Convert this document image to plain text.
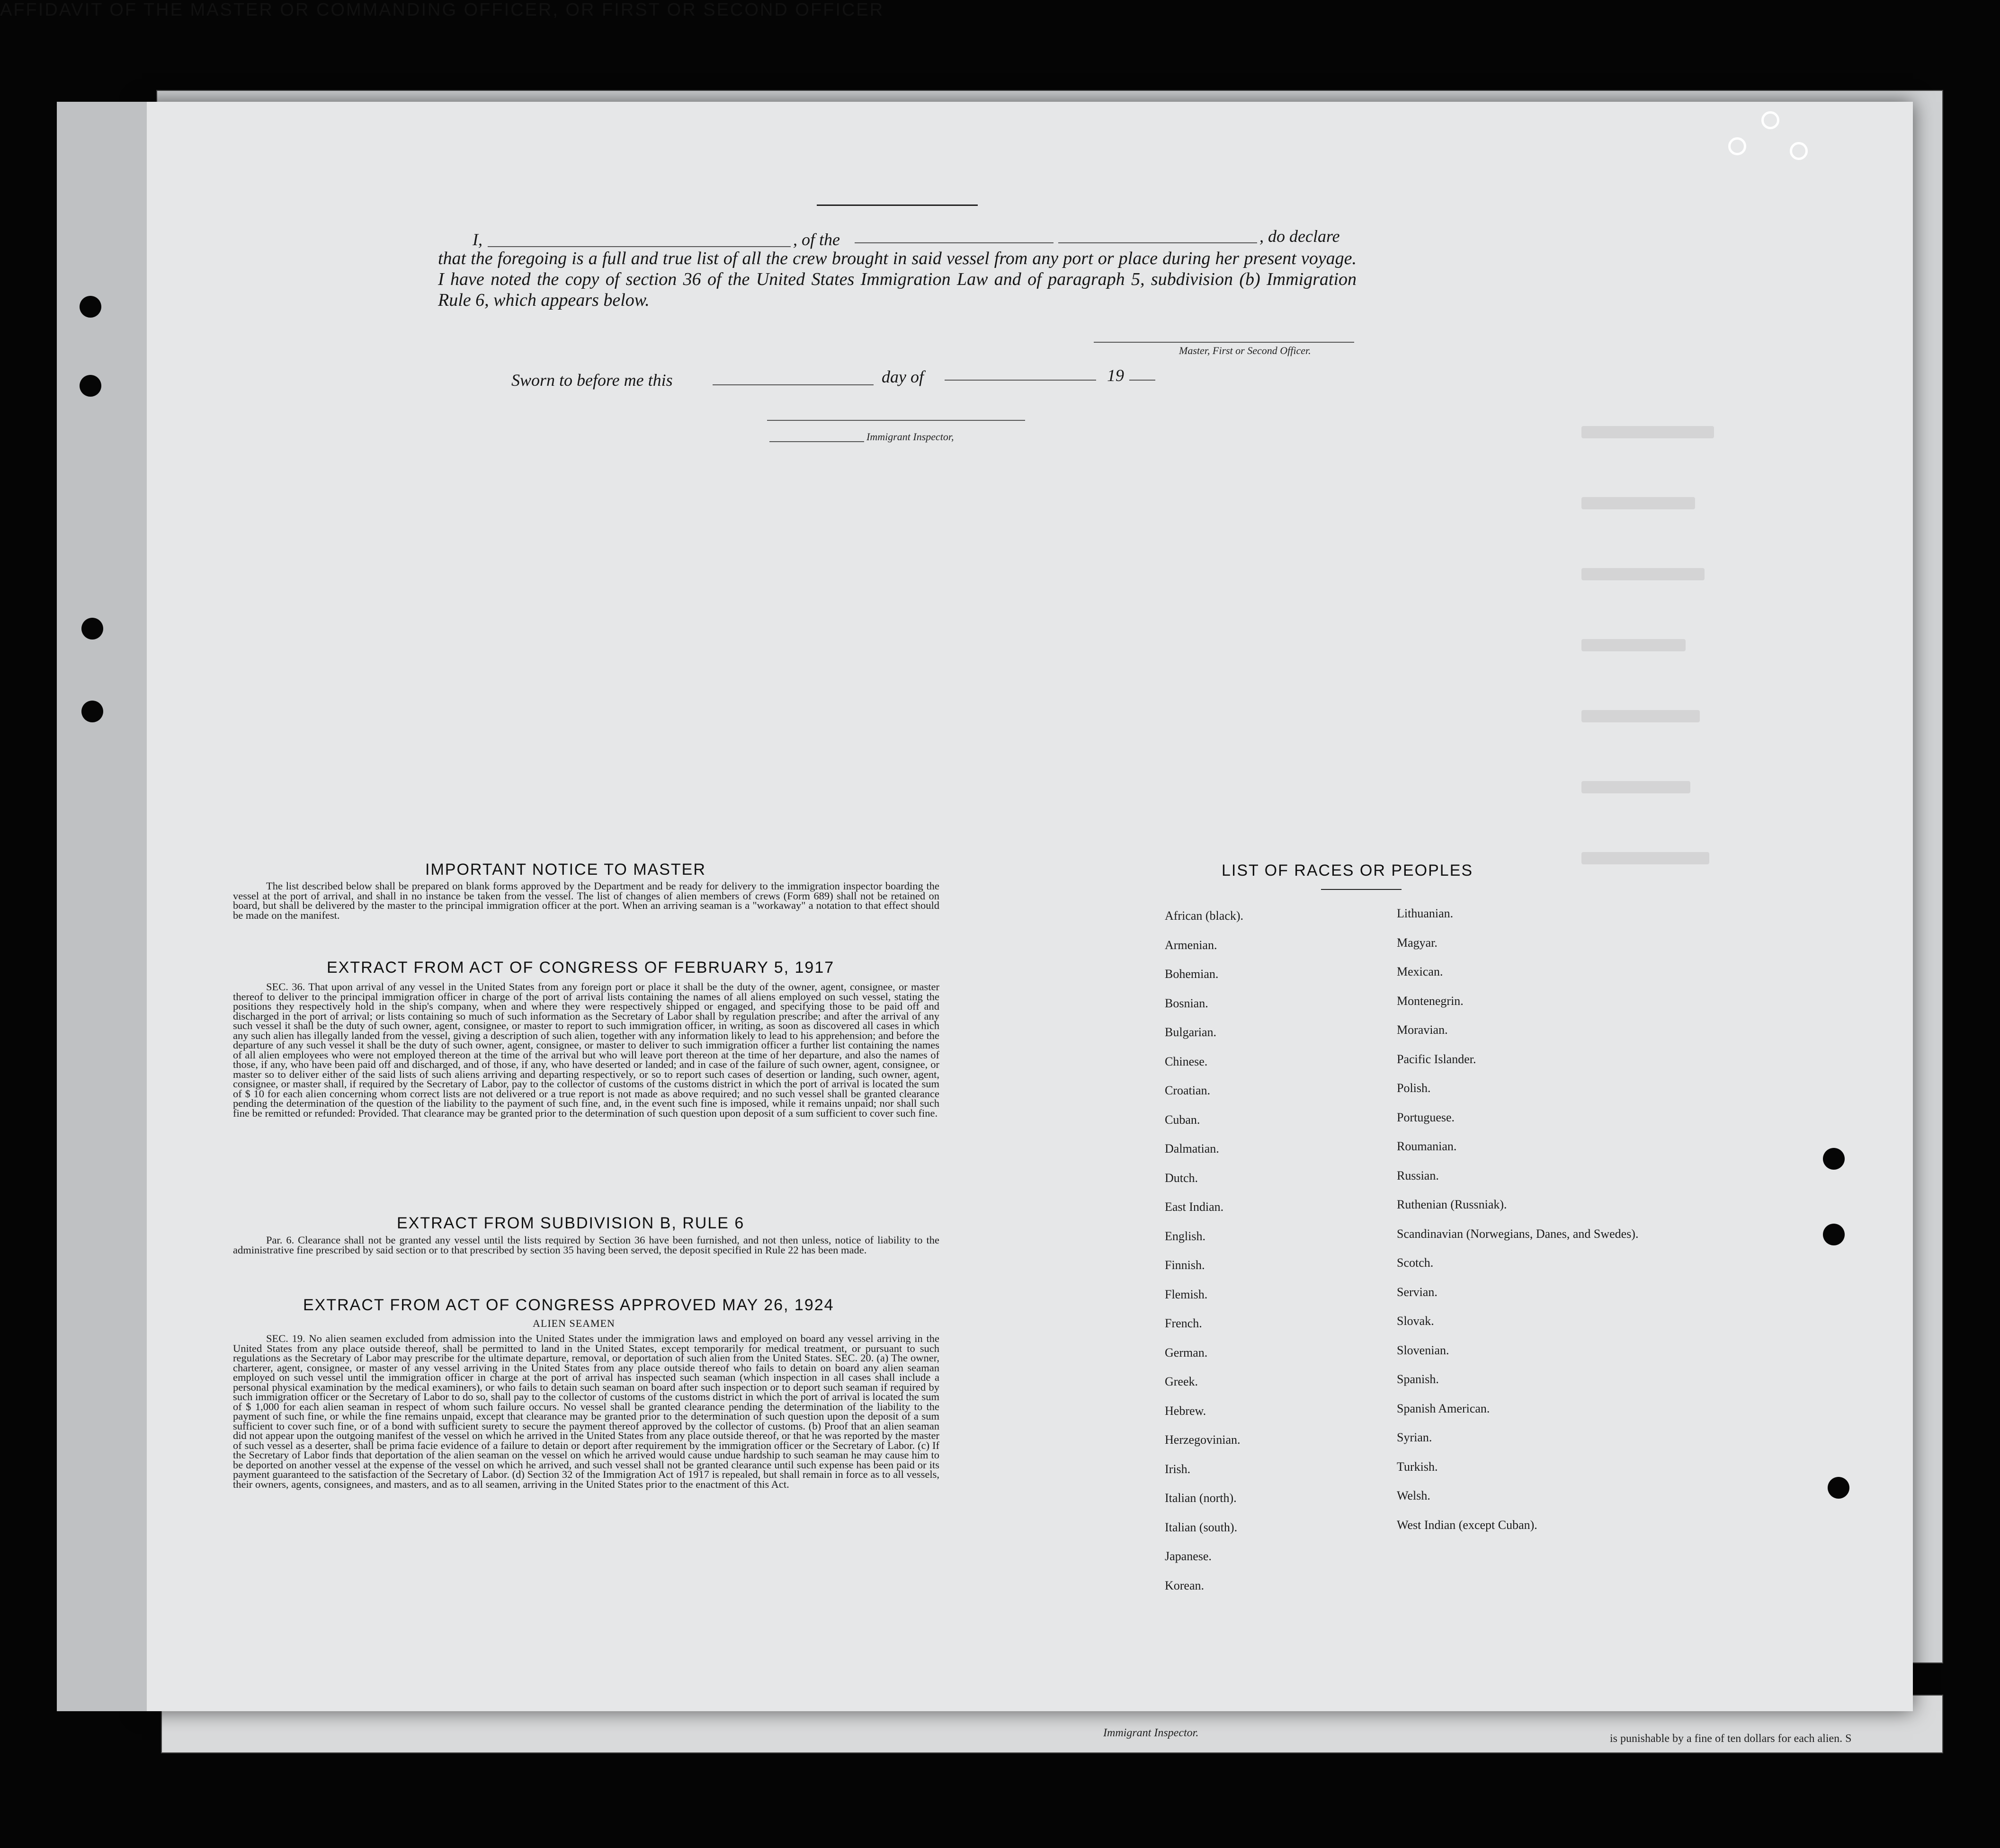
Immigrant Inspector.	is punishable by a fine of ten dollars for each alien. S
AFFIDAVIT OF THE MASTER OR COMMANDING OFFICER, OR FIRST OR SECOND OFFICER
I,	, of the	, do declare
that the foregoing is a full and true list of all the crew brought in said vessel from any port or place during her present voyage. I have noted the copy of section 36 of the United States Immigration Law and of paragraph 5, subdivision (b) Immigration Rule 6, which appears below.
Master, First or Second Officer.
Sworn to before me this	day of	19
Immigrant Inspector,
IMPORTANT NOTICE TO MASTER
The list described below shall be prepared on blank forms approved by the Department and be ready for delivery to the immigration inspector boarding the vessel at the port of arrival, and shall in no instance be taken from the vessel. The list of changes of alien members of crews (Form 689) shall not be retained on board, but shall be delivered by the master to the principal immigration officer at the port. When an arriving seaman is a "workaway" a notation to that effect should be made on the manifest.
EXTRACT FROM ACT OF CONGRESS OF FEBRUARY 5, 1917
SEC. 36. That upon arrival of any vessel in the United States from any foreign port or place it shall be the duty of the owner, agent, consignee, or master thereof to deliver to the principal immigration officer in charge of the port of arrival lists containing the names of all aliens employed on such vessel, stating the positions they respectively hold in the ship's company, when and where they were respectively shipped or engaged, and specifying those to be paid off and discharged in the port of arrival; or lists containing so much of such information as the Secretary of Labor shall by regulation prescribe; and after the arrival of any such vessel it shall be the duty of such owner, agent, consignee, or master to report to such immigration officer, in writing, as soon as discovered all cases in which any such alien has illegally landed from the vessel, giving a description of such alien, together with any information likely to lead to his apprehension; and before the departure of any such vessel it shall be the duty of such owner, agent, consignee, or master to deliver to such immigration officer a further list containing the names of all alien employees who were not employed thereon at the time of the arrival but who will leave port thereon at the time of her departure, and also the names of those, if any, who have been paid off and discharged, and of those, if any, who have deserted or landed; and in case of the failure of such owner, agent, consignee, or master so to deliver either of the said lists of such aliens arriving and departing respectively, or so to report such cases of desertion or landing, such owner, agent, consignee, or master shall, if required by the Secretary of Labor, pay to the collector of customs of the customs district in which the port of arrival is located the sum of $ 10 for each alien concerning whom correct lists are not delivered or a true report is not made as above required; and no such vessel shall be granted clearance pending the determination of the question of the liability to the payment of such fine, and, in the event such fine is imposed, while it remains unpaid; nor shall such fine be remitted or refunded: Provided. That clearance may be granted prior to the determination of such question upon deposit of a sum sufficient to cover such fine.
EXTRACT FROM SUBDIVISION B, RULE 6
Par. 6. Clearance shall not be granted any vessel until the lists required by Section 36 have been furnished, and not then unless, notice of liability to the administrative fine prescribed by said section or to that prescribed by section 35 having been served, the deposit specified in Rule 22 has been made.
EXTRACT FROM ACT OF CONGRESS APPROVED MAY 26, 1924
ALIEN SEAMEN
SEC. 19. No alien seamen excluded from admission into the United States under the immigration laws and employed on board any vessel arriving in the United States from any place outside thereof, shall be permitted to land in the United States, except temporarily for medical treatment, or pursuant to such regulations as the Secretary of Labor may prescribe for the ultimate departure, removal, or deportation of such alien from the United States. SEC. 20. (a) The owner, charterer, agent, consignee, or master of any vessel arriving in the United States from any place outside thereof who fails to detain on board any alien seaman employed on such vessel until the immigration officer in charge at the port of arrival has inspected such seaman (which inspection in all cases shall include a personal physical examination by the medical examiners), or who fails to detain such seaman on board after such inspection or to deport such seaman if required by such immigration officer or the Secretary of Labor to do so, shall pay to the collector of customs of the customs district in which the port of arrival is located the sum of $ 1,000 for each alien seaman in respect of whom such failure occurs. No vessel shall be granted clearance pending the determination of the liability to the payment of such fine, or while the fine remains unpaid, except that clearance may be granted prior to the determination of such question upon the deposit of a sum sufficient to cover such fine, or of a bond with sufficient surety to secure the payment thereof approved by the collector of customs. (b) Proof that an alien seaman did not appear upon the outgoing manifest of the vessel on which he arrived in the United States from any place outside thereof, or that he was reported by the master of such vessel as a deserter, shall be prima facie evidence of a failure to detain or deport after requirement by the immigration officer or the Secretary of Labor. (c) If the Secretary of Labor finds that deportation of the alien seaman on the vessel on which he arrived would cause undue hardship to such seaman he may cause him to be deported on another vessel at the expense of the vessel on which he arrived, and such vessel shall not be granted clearance until such expense has been paid or its payment guaranteed to the satisfaction of the Secretary of Labor. (d) Section 32 of the Immigration Act of 1917 is repealed, but shall remain in force as to all vessels, their owners, agents, consignees, and masters, and as to all seamen, arriving in the United States prior to the enactment of this Act.
LIST OF RACES OR PEOPLES
African (black).
Armenian.
Bohemian.
Bosnian.
Bulgarian.
Chinese.
Croatian.
Cuban.
Dalmatian.
Dutch.
East Indian.
English.
Finnish.
Flemish.
French.
German.
Greek.
Hebrew.
Herzegovinian.
Irish.
Italian (north).
Italian (south).
Japanese.
Korean.
Lithuanian.
Magyar.
Mexican.
Montenegrin.
Moravian.
Pacific Islander.
Polish.
Portuguese.
Roumanian.
Russian.
Ruthenian (Russniak).
Scandinavian (Norwegians, Danes, and Swedes).
Scotch.
Servian.
Slovak.
Slovenian.
Spanish.
Spanish American.
Syrian.
Turkish.
Welsh.
West Indian (except Cuban).
